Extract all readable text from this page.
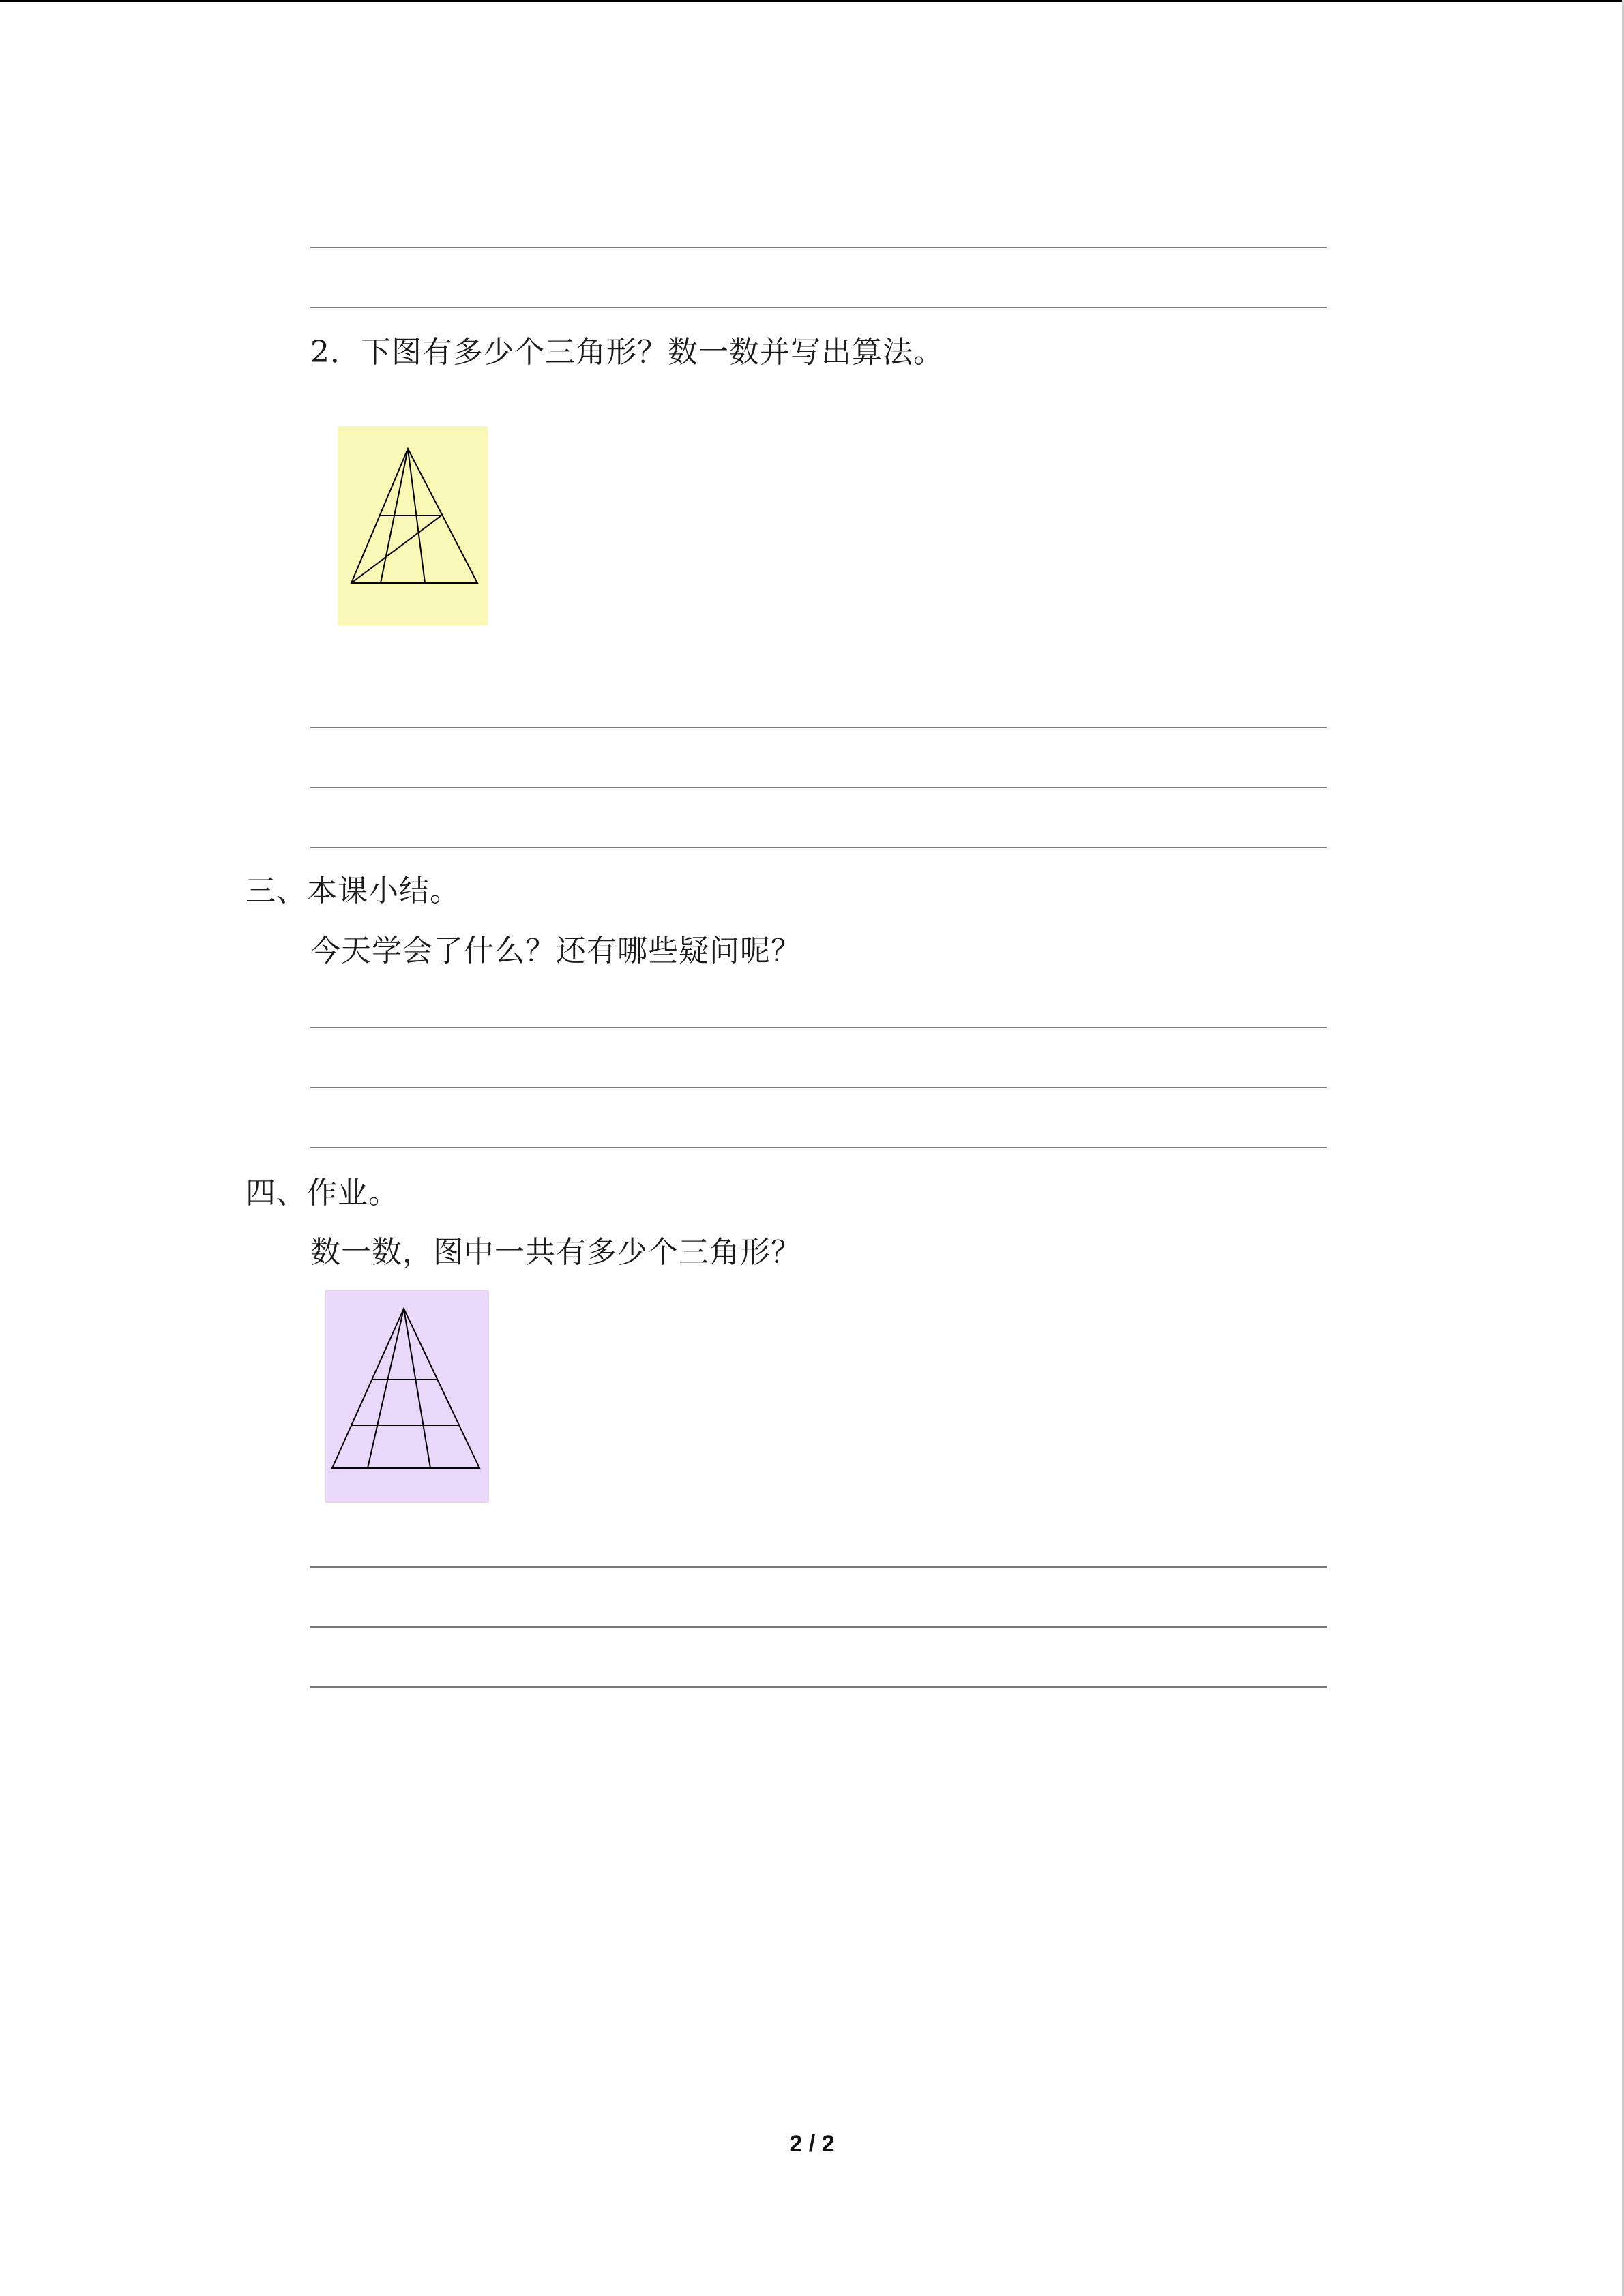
2．下图有多少个三角形？数一数并写出算法。
三、本课小结。
今天学会了什么？还有哪些疑问呢？
四、作业。
数一数，图中一共有多少个三角形？
2 / 2
